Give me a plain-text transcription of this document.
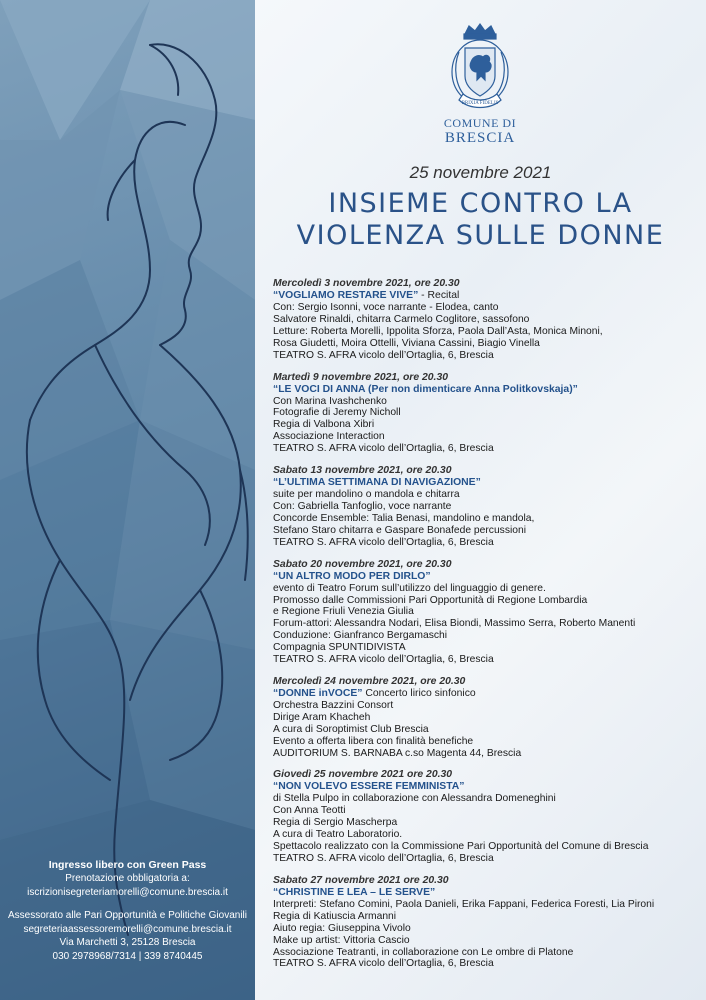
Ingresso libero con Green Pass
Prenotazione obbligatoria a:
iscrizionisegreteriamorelli@comune.brescia.it
Assessorato alle Pari Opportunità e Politiche Giovanili
segreteriaassessoremorelli@comune.brescia.it
Via Marchetti 3, 25128 Brescia
030 2978968/7314 | 339 8740445
BRIXIA FIDELIS
COMUNE DI
BRESCIA
25 novembre 2021
INSIEME CONTRO LA
VIOLENZA SULLE DONNE
Mercoledì 3 novembre 2021, ore 20.30
“VOGLIAMO RESTARE VIVE” - Recital
Con: Sergio Isonni, voce narrante - Elodea, canto
Salvatore Rinaldi, chitarra Carmelo Coglitore, sassofono
Letture: Roberta Morelli, Ippolita Sforza, Paola Dall’Asta, Monica Minoni,
Rosa Giudetti, Moira Ottelli, Viviana Cassini, Biagio Vinella
TEATRO S. AFRA vicolo dell’Ortaglia, 6, Brescia
Martedì 9 novembre 2021, ore 20.30
“LE VOCI DI ANNA (Per non dimenticare Anna Politkovskaja)”
Con Marina Ivashchenko
Fotografie di Jeremy Nicholl
Regia di Valbona Xibri
Associazione Interaction
TEATRO S. AFRA vicolo dell’Ortaglia, 6, Brescia
Sabato 13 novembre 2021, ore 20.30
“L’ULTIMA SETTIMANA DI NAVIGAZIONE”
suite per mandolino o mandola e chitarra
Con: Gabriella Tanfoglio, voce narrante
Concorde Ensemble: Talia Benasi, mandolino e mandola,
Stefano Staro chitarra e Gaspare Bonafede percussioni
TEATRO S. AFRA vicolo dell’Ortaglia, 6, Brescia
Sabato 20 novembre 2021, ore 20.30
“UN ALTRO MODO PER DIRLO”
evento di Teatro Forum sull’utilizzo del linguaggio di genere.
Promosso dalle Commissioni Pari Opportunità di Regione Lombardia
e Regione Friuli Venezia Giulia
Forum-attori: Alessandra Nodari, Elisa Biondi, Massimo Serra, Roberto Manenti
Conduzione: Gianfranco Bergamaschi
Compagnia SPUNTIDIVISTA
TEATRO S. AFRA vicolo dell’Ortaglia, 6, Brescia
Mercoledì 24 novembre 2021, ore 20.30
“DONNE inVOCE” Concerto lirico sinfonico
Orchestra Bazzini Consort
Dirige Aram Khacheh
A cura di Soroptimist Club Brescia
Evento a offerta libera con finalità benefiche
AUDITORIUM S. BARNABA c.so Magenta 44, Brescia
Giovedì 25 novembre 2021 ore 20.30
“NON VOLEVO ESSERE FEMMINISTA”
di Stella Pulpo in collaborazione con Alessandra Domeneghini
Con Anna Teotti
Regia di Sergio Mascherpa
A cura di Teatro Laboratorio.
Spettacolo realizzato con la Commissione Pari Opportunità del Comune di Brescia
TEATRO S. AFRA vicolo dell’Ortaglia, 6, Brescia
Sabato 27 novembre 2021 ore 20.30
“CHRISTINE E LEA – LE SERVE”
Interpreti: Stefano Comini, Paola Danieli, Erika Fappani, Federica Foresti, Lia Pironi
Regia di Katiuscia Armanni
Aiuto regia: Giuseppina Vivolo
Make up artist: Vittoria Cascio
Associazione Teatranti, in collaborazione con Le ombre di Platone
TEATRO S. AFRA vicolo dell’Ortaglia, 6, Brescia
